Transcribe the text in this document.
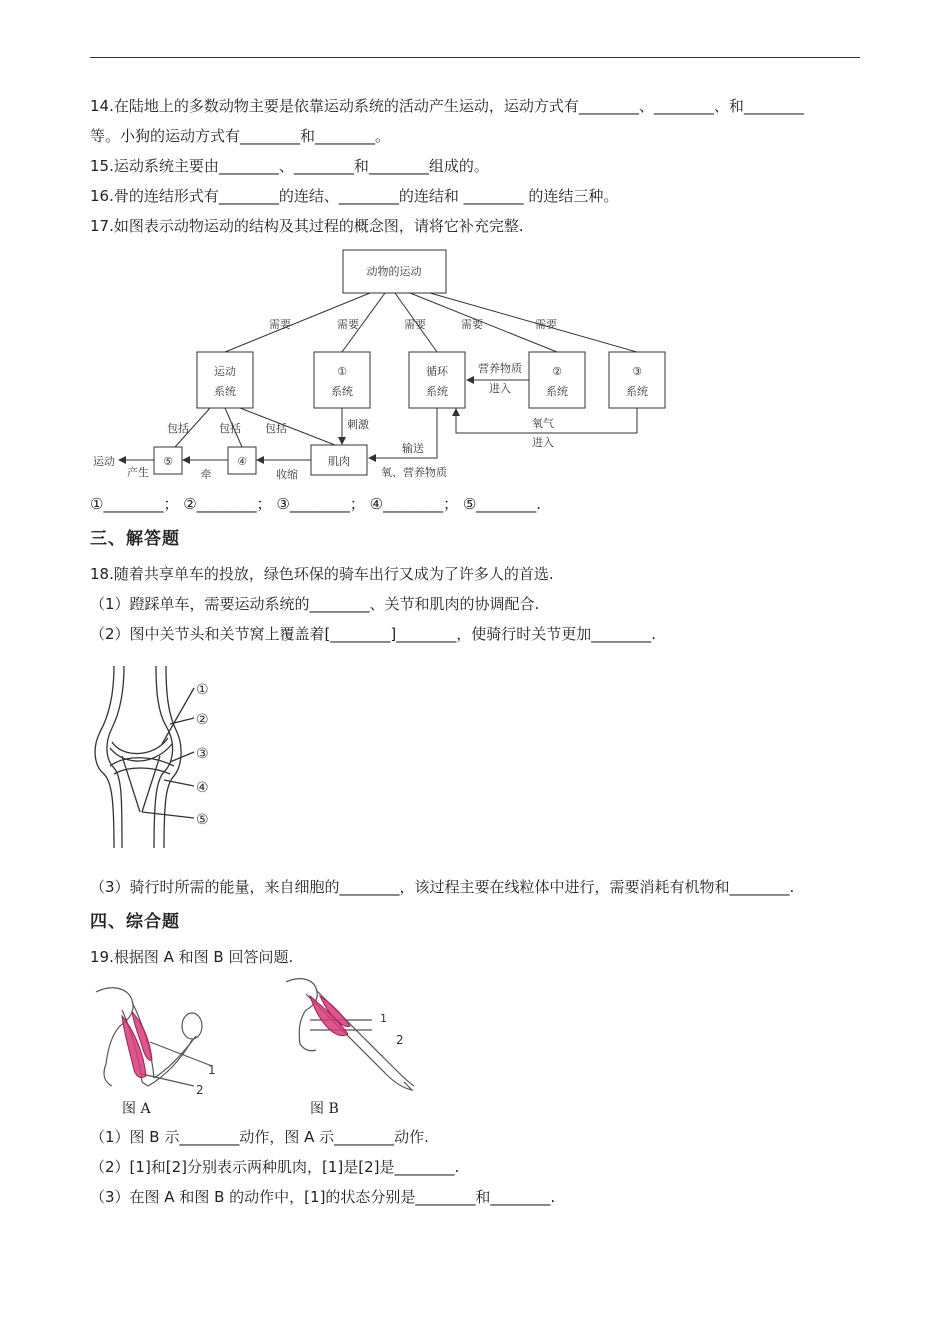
14.在陆地上的多数动物主要是依靠运动系统的活动产生运动，运动方式有________、________、和________
等。小狗的运动方式有________和________。
15.运动系统主要由________、________和________组成的。
16.骨的连结形式有________的连结、________的连结和 ________ 的连结三种。
17.如图表示动物运动的结构及其过程的概念图，请将它补充完整.
动物的运动
需要	需要	需要	需要	需要
运动
系统
①
系统
循环
系统
②
系统
③
系统
营养物质
进入
氧气
进入
刺激
输送
氧、营养物质
包括	包括 包括
肌肉
收缩
牵
④
⑤
产生
运动
①________； ②________； ③________； ④________； ⑤________.
三、解答题
18.随着共享单车的投放，绿色环保的骑车出行又成为了许多人的首选.
（1）蹬踩单车，需要运动系统的________、关节和肌肉的协调配合.
（2）图中关节头和关节窝上覆盖着[________]________，使骑行时关节更加________.
①
②
③
④
⑤
（3）骑行时所需的能量，来自细胞的________，该过程主要在线粒体中进行，需要消耗有机物和________.
四、综合题
19.根据图 A 和图 B 回答问题.
1
2
图 A
1
2
图 B
（1）图 B 示________动作，图 A 示________动作.
（2）[1]和[2]分别表示两种肌肉，[1]是[2]是________.
（3）在图 A 和图 B 的动作中，[1]的状态分别是________和________.
